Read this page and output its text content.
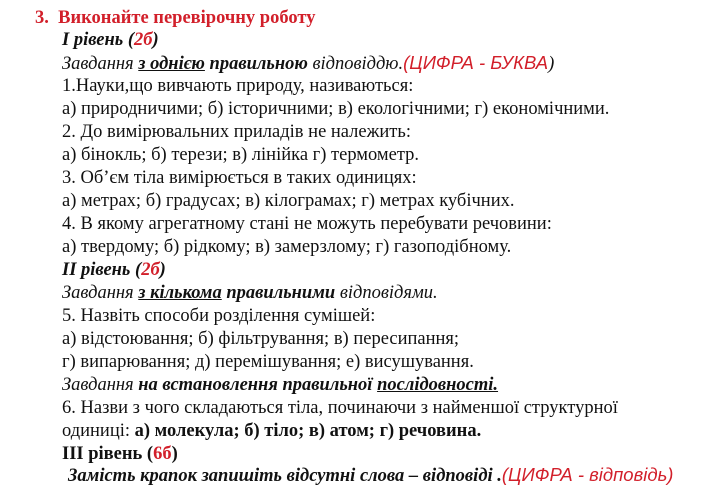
3. Виконайте перевірочну роботу
І рівень (2б)
Завдання з однією правильною відповіддю.(ЦИФРА - БУКВА)
1.Науки,що вивчають природу, називаються:
а) природничими; б) історичними; в) екологічними; г) економічними.
2. До вимірювальних приладів не належить:
а) бінокль; б) терези; в) лінійка г) термометр.
3. Об’єм тіла вимірюється в таких одиницях:
а) метрах; б) градусах; в) кілограмах; г) метрах кубічних.
4. В якому агрегатному стані не можуть перебувати речовини:
а) твердому; б) рідкому; в) замерзлому; г) газоподібному.
ІІ рівень (2б)
Завдання з кількома правильними відповідями.
5. Назвіть способи розділення сумішей:
а) відстоювання; б) фільтрування; в) пересипання;
г) випарювання; д) перемішування; е) висушування.
Завдання на встановлення правильної послідовності.
6. Назви з чого складаються тіла, починаючи з найменшої структурної
одиниці: а) молекула; б) тіло; в) атом; г) речовина.
ІІІ рівень (6б)
Замість крапок запишіть відсутні слова – відповіді .(ЦИФРА - відповідь)
